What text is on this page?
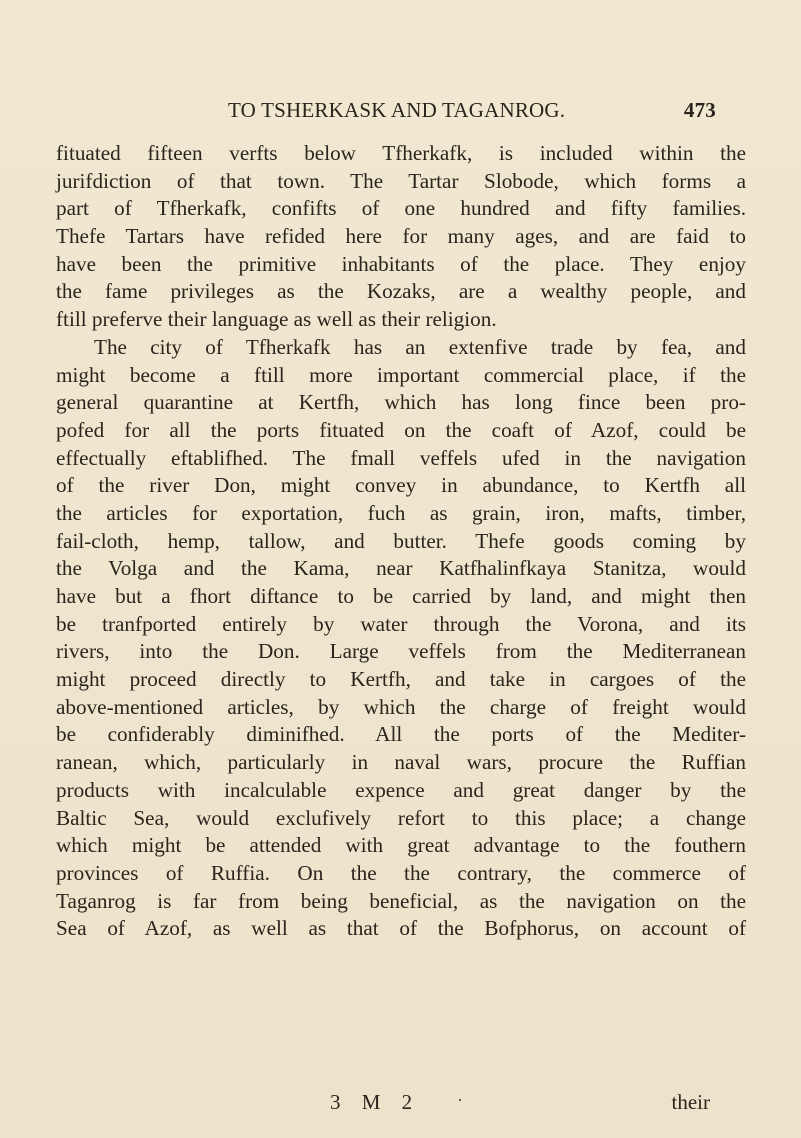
TO TSHERKASK AND TAGANROG.	473
fituated fifteen verfts below Tfherkafk, is included within the
jurifdiction of that town. The Tartar Slobode, which forms a
part of Tfherkafk, confifts of one hundred and fifty families.
Thefe Tartars have refided here for many ages, and are faid to
have been the primitive inhabitants of the place. They enjoy
the fame privileges as the Kozaks, are a wealthy people, and
ftill preferve their language as well as their religion.
The city of Tfherkafk has an extenfive trade by fea, and
might become a ftill more important commercial place, if the
general quarantine at Kertfh, which has long fince been pro-
pofed for all the ports fituated on the coaft of Azof, could be
effectually eftablifhed. The fmall veffels ufed in the navigation
of the river Don, might convey in abundance, to Kertfh all
the articles for exportation, fuch as grain, iron, mafts, timber,
fail-cloth, hemp, tallow, and butter. Thefe goods coming by
the Volga and the Kama, near Katfhalinfkaya Stanitza, would
have but a fhort diftance to be carried by land, and might then
be tranfported entirely by water through the Vorona, and its
rivers, into the Don. Large veffels from the Mediterranean
might proceed directly to Kertfh, and take in cargoes of the
above-mentioned articles, by which the charge of freight would
be confiderably diminifhed. All the ports of the Mediter-
ranean, which, particularly in naval wars, procure the Ruffian
products with incalculable expence and great danger by the
Baltic Sea, would exclufively refort to this place; a change
which might be attended with great advantage to the fouthern
provinces of Ruffia. On the the contrary, the commerce of
Taganrog is far from being beneficial, as the navigation on the
Sea of Azof, as well as that of the Bofphorus, on account of
3 M 2 .	their
